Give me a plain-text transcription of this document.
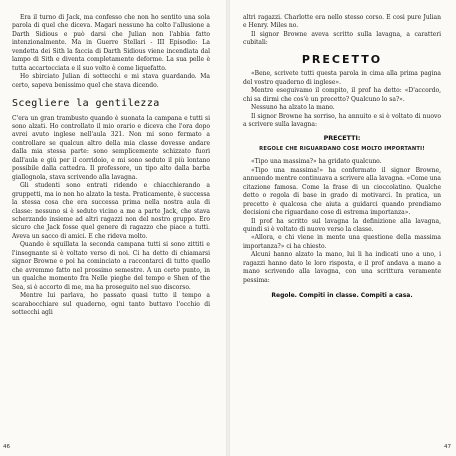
Era il turno di Jack, ma confesso che non ho sentito una sola parola di quel che diceva. Magari nessuno ha colto l'allusione a Darth Sidious e può darsi che Julian non l'abbia fatto intenzionalmente. Ma in Guerre Stellari - III Episodio: La vendetta dei Sith la faccia di Darth Sidious viene incendiata dal lampo di Sith e diventa completamente deforme. La sua pelle è tutta accartocciata e il suo volto è come liquefatto.

Ho sbirciato Julian di sottecchi e mi stava guardando. Ma certo, sapeva benissimo quel che stava dicendo.

Scegliere la gentilezza

C'era un gran trambusto quando è suonata la campana e tutti si sono alzati. Ho controllato il mio orario e diceva che l'ora dopo avrei avuto inglese nell'aula 321. Non mi sono fermato a controllare se qualcun altro della mia classe dovesse andare dalla mia stessa parte: sono semplicemente schizzato fuori dall'aula e giù per il corridoio, e mi sono seduto il più lontano possibile dalla cattedra. Il professore, un tipo alto dalla barba giallognola, stava scrivendo alla lavagna.

Gli studenti sono entrati ridendo e chiacchierando a gruppetti, ma io non ho alzato la testa. Praticamente, è successa la stessa cosa che era successa prima nella nostra aula di classe: nessuno si è seduto vicino a me a parte Jack, che stava scherzando insieme ad altri ragazzi non del nostro gruppo. Ero sicuro che Jack fosse quel genere di ragazzo che piace a tutti. Aveva un sacco di amici. E che rideva molto.

Quando è squillata la seconda campana tutti si sono zittiti e l'insegnante si è voltato verso di noi. Ci ha detto di chiamarsi signor Browne e poi ha cominciato a raccontarci di tutto quello che avremmo fatto nel prossimo semestre. A un certo punto, in un qualche momento fra Nelle pieghe del tempo e Shen of the Sea, si è accorto di me, ma ha proseguito nel suo discorso.

Mentre lui parlava, ho passato quasi tutto il tempo a scarabocchiare sul quaderno, ogni tanto buttavo l'occhio di sottecchi agli

altri ragazzi. Charlotte era nello stesso corso. E così pure Julian e Henry. Miles no.

Il signor Browne aveva scritto sulla lavagna, a caratteri cubitali:

PRECETTO

«Bene, scrivete tutti questa parola in cima alla prima pagina del vostro quaderno di inglese».

Mentre eseguivamo il compito, il prof ha detto: «D'accordo, chi sa dirmi che cos'è un precetto? Qualcuno lo sa?».

Nessuno ha alzato la mano.

Il signor Browne ha sorriso, ha annuito e si è voltato di nuovo a scrivere sulla lavagna:

PRECETTI:
REGOLE CHE RIGUARDANO COSE MOLTO IMPORTANTI!

«Tipo una massima?» ha gridato qualcuno.

«Tipo una massima!» ha confermato il signor Browne, annuendo mentre continuava a scrivere alla lavagna. «Come una citazione famosa. Come la frase di un cioccolatino. Qualche detto o regola di base in grado di motivarci. In pratica, un precetto è qualcosa che aiuta a guidarci quando prendiamo decisioni che riguardano cose di estrema importanza».

Il prof ha scritto sul lavagna la definizione alla lavagna, quindi si è voltato di nuovo verso la classe.

«Allora, e chi viene in mente una questione della massima importanza?» ci ha chiesto.

Alcuni hanno alzato la mano, lui li ha indicati uno a uno, i ragazzi hanno dato le loro risposta, e il prof andava a mano a mano scrivendo alla lavagna, con una scrittura veramente pessima:

Regole. Compiti in classe. Compiti a casa.
46	47
